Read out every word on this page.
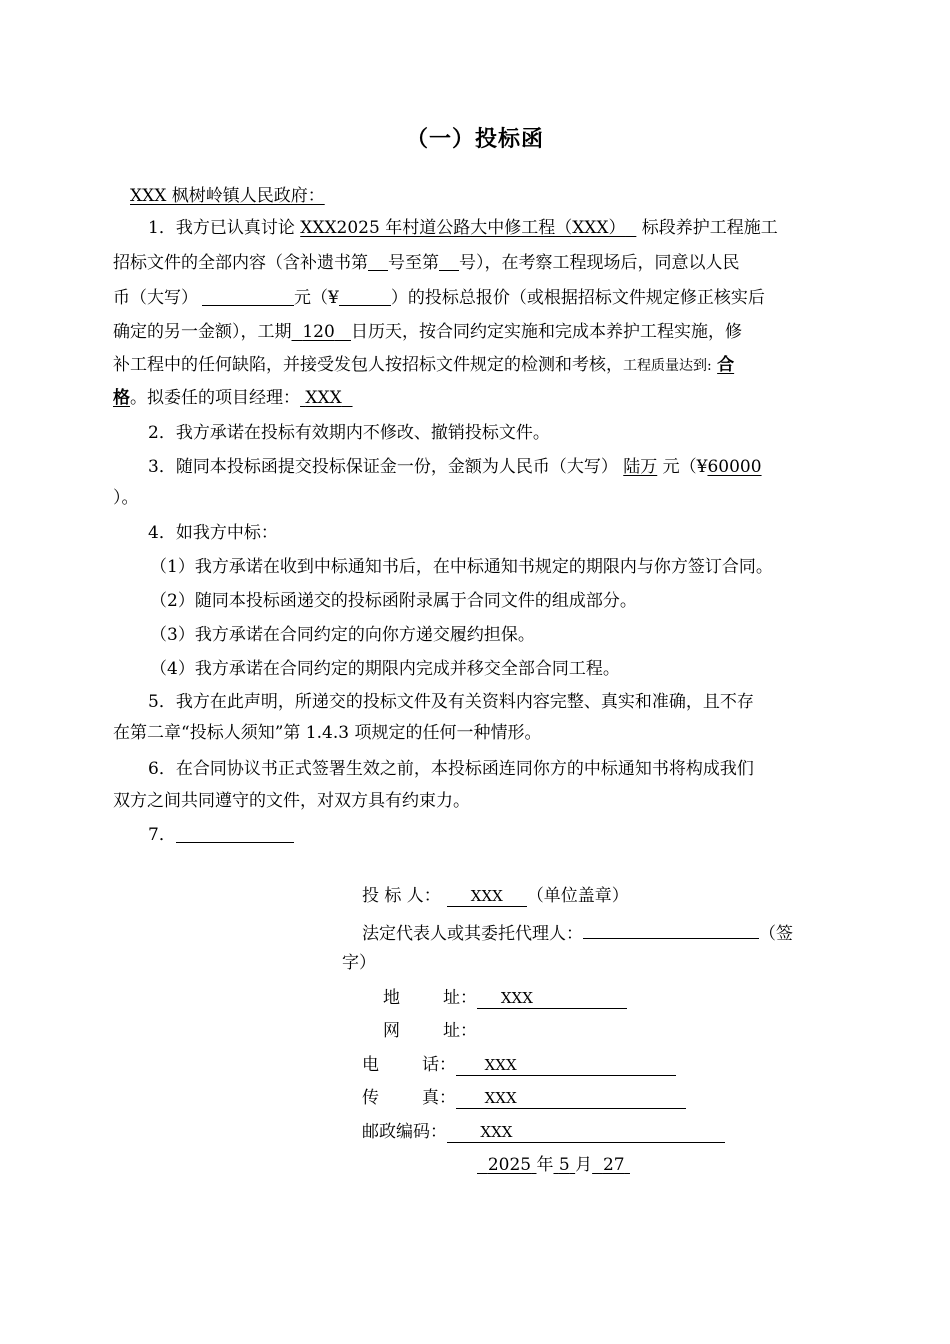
（一）投标函
XXX 枫树岭镇人民政府：
1．我方已认真讨论 XXX2025 年村道公路大中修工程（XXX）   标段养护工程施工
招标文件的全部内容（含补遗书第 号至第 号），在考察工程现场后，同意以人民
币（大写）	元（¥	）的投标总报价（或根据招标文件规定修正核实后
确定的另一金额），工期 120 日历天，按合同约定实施和完成本养护工程实施，修
补工程中的任何缺陷，并接受发包人按招标文件规定的检测和考核，工程质量达到: 合
格。拟委任的项目经理： XXX
2．我方承诺在投标有效期内不修改、撤销投标文件。
3．随同本投标函提交投标保证金一份，金额为人民币（大写） 陆万 元（¥60000
）。
4．如我方中标：
（1）我方承诺在收到中标通知书后，在中标通知书规定的期限内与你方签订合同。
（2）随同本投标函递交的投标函附录属于合同文件的组成部分。
（3）我方承诺在合同约定的向你方递交履约担保。
（4）我方承诺在合同约定的期限内完成并移交全部合同工程。
5．我方在此声明，所递交的投标文件及有关资料内容完整、真实和准确，且不存
在第二章“投标人须知”第 1.4.3 项规定的任何一种情形。
6．在合同协议书正式签署生效之前，本投标函连同你方的中标通知书将构成我们
双方之间共同遵守的文件，对双方具有约束力。
7．
投 标 人： XXX （单位盖章）
法定代表人或其委托代理人：	（签
字）
地	址： XXX
网	址：
电	话： XXX
传	真： XXX
邮政编码： XXX
2025 年 5 月 27
